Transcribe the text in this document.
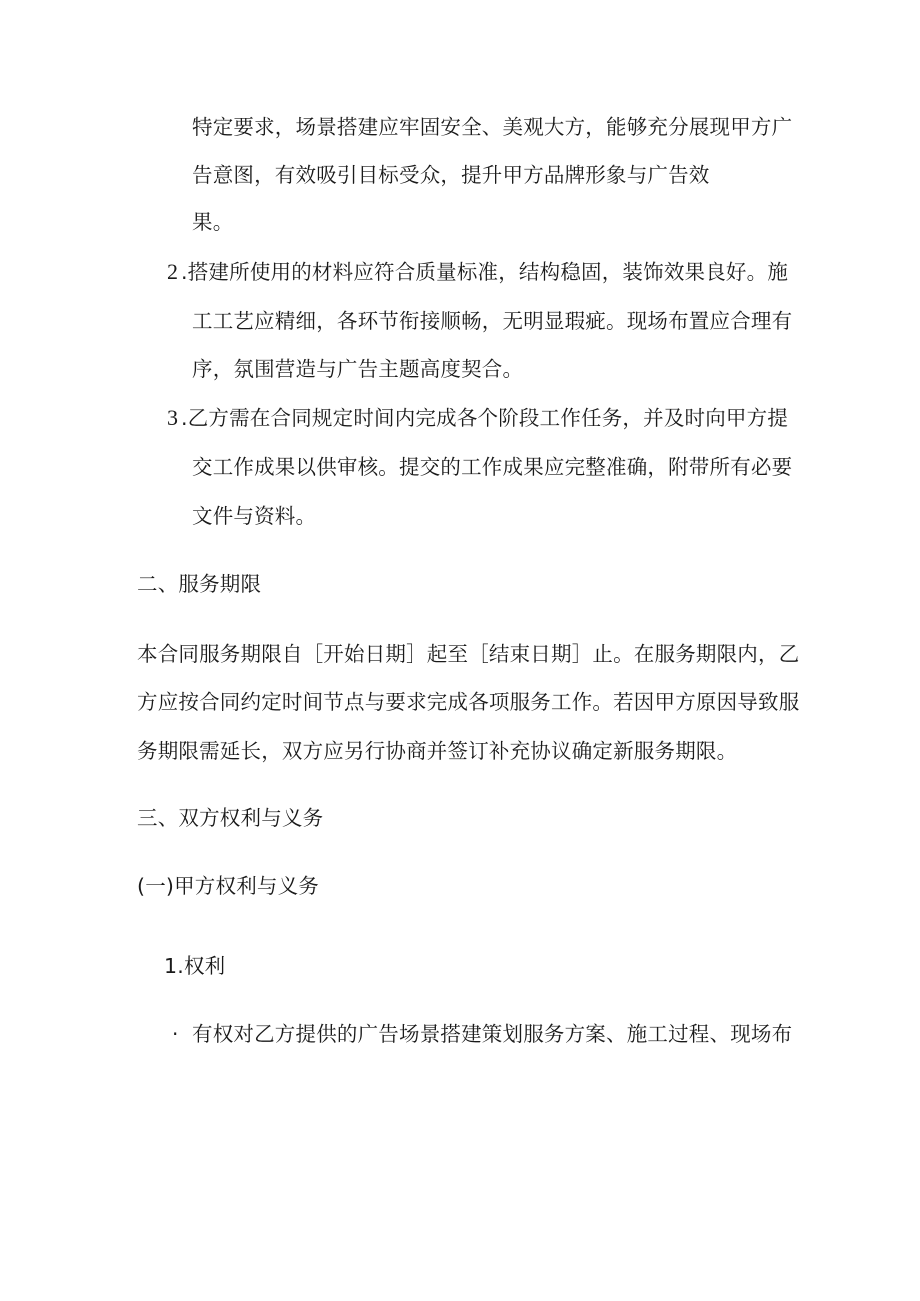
特定要求，场景搭建应牢固安全、美观大方，能够充分展现甲方广
告意图，有效吸引目标受众，提升甲方品牌形象与广告效
果。
2 .搭建所使用的材料应符合质量标准，结构稳固，装饰效果良好。施
工工艺应精细，各环节衔接顺畅，无明显瑕疵。现场布置应合理有
序，氛围营造与广告主题高度契合。
3 .乙方需在合同规定时间内完成各个阶段工作任务，并及时向甲方提
交工作成果以供审核。提交的工作成果应完整准确，附带所有必要
文件与资料。
二、服务期限
本合同服务期限自［开始日期］起至［结束日期］止。在服务期限内，乙
方应按合同约定时间节点与要求完成各项服务工作。若因甲方原因导致服
务期限需延长，双方应另行协商并签订补充协议确定新服务期限。
三、双方权利与义务
(一)甲方权利与义务
1.权利
· 有权对乙方提供的广告场景搭建策划服务方案、施工过程、现场布
